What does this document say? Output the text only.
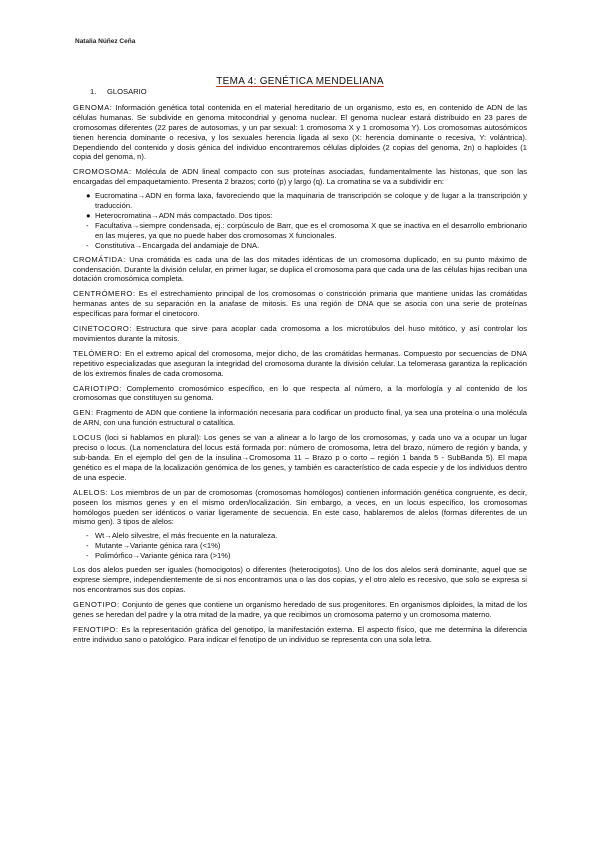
Natalia Núñez Ceña
TEMA 4: GENÉTICA MENDELIANA
1. GLOSARIO

GENOMA: Información genética total contenida en el material hereditario de un organismo, esto es, en contenido de ADN de las células humanas. Se subdivide en genoma mitocondrial y genoma nuclear. El genoma nuclear estará distribuido en 23 pares de cromosomas diferentes (22 pares de autosomas, y un par sexual: 1 cromosoma X y 1 cromosoma Y). Los cromosomas autosómicos tienen herencia dominante o recesiva, y los sexuales herencia ligada al sexo (X: herencia dominante o recesiva, Y: volántrica). Dependiendo del contenido y dosis génica del individuo encontraremos células diploides (2 copias del genoma, 2n) o haploides (1 copia del genoma, n).

CROMOSOMA: Molécula de ADN lineal compacto con sus proteínas asociadas, fundamentalmente las histonas, que son las encargadas del empaquetamiento. Presenta 2 brazos; corto (p) y largo (q). La cromatina se va a subdividir en:

● Eucromatina→ADN en forma laxa, favoreciendo que la maquinaria de transcripción se coloque y de lugar a la transcripción y traducción.
● Heterocromatina→ADN más compactado. Dos tipos:
- Facultativa→siempre condensada, ej.: corpúsculo de Barr, que es el cromosoma X que se inactiva en el desarrollo embrionario en las mujeres, ya que no puede haber dos cromosomas X funcionales.
- Constitutiva→Encargada del andamiaje de DNA.

CROMÁTIDA: Una cromátida es cada una de las dos mitades idénticas de un cromosoma duplicado, en su punto máximo de condensación. Durante la división celular, en primer lugar, se duplica el cromosoma para que cada una de las células hijas reciban una dotación cromosómica completa.

CENTRÓMERO: Es el estrechamiento principal de los cromosomas o constricción primaria que mantiene unidas las cromátidas hermanas antes de su separación en la anafase de mitosis. Es una región de DNA que se asocia con una serie de proteínas específicas para formar el cinetocoro.

CINETOCORO: Estructura que sirve para acoplar cada cromosoma a los microtúbulos del huso mitótico, y así controlar los movimientos durante la mitosis.

TELÓMERO: En el extremo apical del cromosoma, mejor dicho, de las cromátidas hermanas. Compuesto por secuencias de DNA repetitivo especializadas que aseguran la integridad del cromosoma durante la división celular. La telomerasa garantiza la replicación de los extremos finales de cada cromosoma.

CARIOTIPO: Complemento cromosómico específico, en lo que respecta al número, a la morfología y al contenido de los cromosomas que constituyen su genoma.

GEN: Fragmento de ADN que contiene la información necesaria para codificar un producto final, ya sea una proteína o una molécula de ARN, con una función estructural o catalítica.

LOCUS (loci si hablamos en plural): Los genes se van a alinear a lo largo de los cromosomas, y cada uno va a ocupar un lugar preciso o locus. (La nomenclatura del locus está formada por: número de cromosoma, letra del brazo, número de región y banda, y sub-banda. En el ejemplo del gen de la insulina→Cromosoma 11 – Brazo p o corto – región 1 banda 5 - SubBanda 5). El mapa genético es el mapa de la localización genómica de los genes, y también es característico de cada especie y de los individuos dentro de una especie.

ALELOS: Los miembros de un par de cromosomas (cromosomas homólogos) contienen información genética congruente, es decir, poseen los mismos genes y en el mismo orden/localización. Sin embargo, a veces, en un locus específico, los cromosomas homólogos pueden ser idénticos o variar ligeramente de secuencia. En este caso, hablaremos de alelos (formas diferentes de un mismo gen). 3 tipos de alelos:

- Wt→Alelo silvestre, el más frecuente en la naturaleza.
- Mutante→Variante génica rara (<1%)
- Polimórfico→Variante génica rara (>1%)

Los dos alelos pueden ser iguales (homocigotos) o diferentes (heterocigotos). Uno de los dos alelos será dominante, aquel que se exprese siempre, independientemente de si nos encontramos una o las dos copias, y el otro alelo es recesivo, que solo se expresa si nos encontramos sus dos copias.

GENOTIPO: Conjunto de genes que contiene un organismo heredado de sus progenitores. En organismos diploides, la mitad de los genes se heredan del padre y la otra mitad de la madre, ya que recibimos un cromosoma paterno y un cromosoma materno.

FENOTIPO: Es la representación gráfica del genotipo, la manifestación externa. El aspecto físico, que me determina la diferencia entre individuo sano o patológico. Para indicar el fenotipo de un individuo se representa con una sola letra.
